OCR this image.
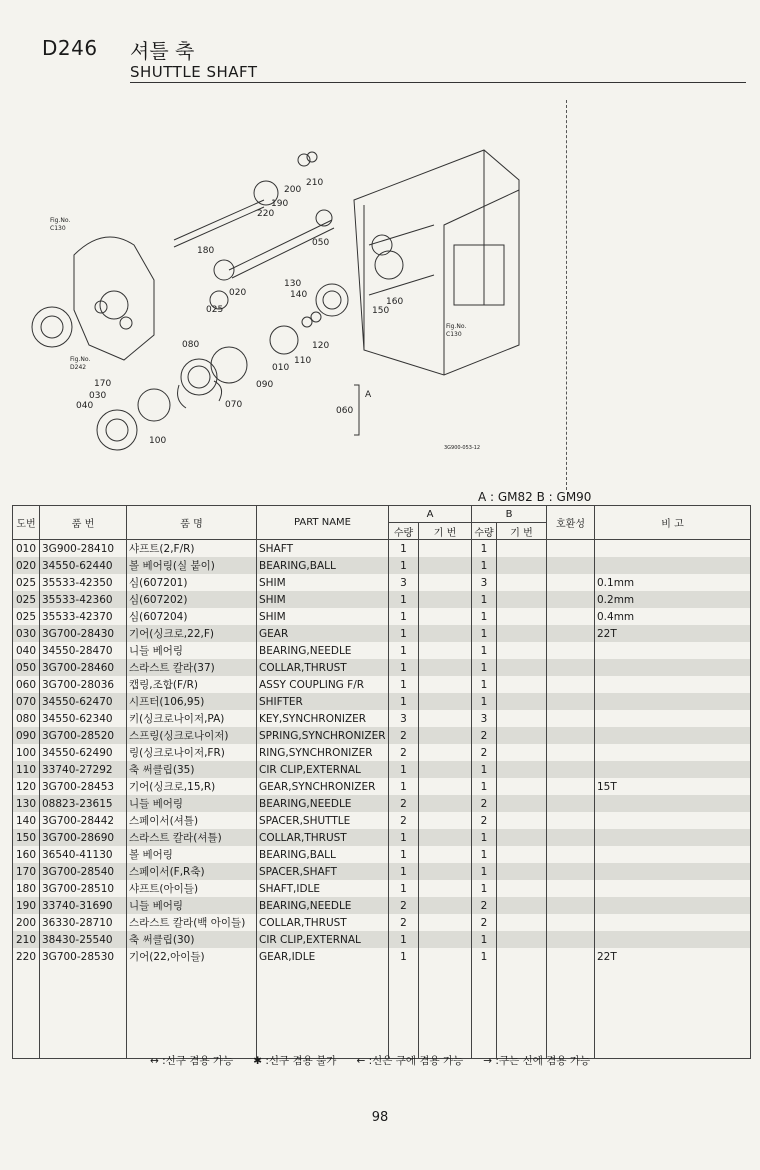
D246 셔틀 축
SHUTTLE SHAFT
010
020
025
030
040
050
060
070
080
090
100
110
120
130
140
150
160
170
180
190
200
210
220
Fig.No.
C130
Fig.No.
D242
Fig.No.
C130
A
3G900-053-12
A : GM82 B : GM90
도번	품 번	품 명	PART NAME	A		B		호환성	비 고
				수량	기 번	수량	기 번		
010	3G900-28410	샤프트(2,F/R)	SHAFT	1		1			
020	34550-62440	볼 베어링(실 붙이)	BEARING,BALL	1		1			
025	35533-42350	심(607201)	SHIM	3		3			0.1mm
025	35533-42360	심(607202)	SHIM	1		1			0.2mm
025	35533-42370	심(607204)	SHIM	1		1			0.4mm
030	3G700-28430	기어(싱크로,22,F)	GEAR	1		1			22T
040	34550-28470	니들 베어링	BEARING,NEEDLE	1		1			
050	3G700-28460	스라스트 칼라(37)	COLLAR,THRUST	1		1			
060	3G700-28036	캡링,조합(F/R)	ASSY COUPLING F/R	1		1			
070	34550-62470	시프터(106,95)	SHIFTER	1		1			
080	34550-62340	키(싱크로나이저,PA)	KEY,SYNCHRONIZER	3		3			
090	3G700-28520	스프링(싱크로나이저)	SPRING,SYNCHRONIZER	2		2			
100	34550-62490	링(싱크로나이저,FR)	RING,SYNCHRONIZER	2		2			
110	33740-27292	축 써클립(35)	CIR CLIP,EXTERNAL	1		1			
120	3G700-28453	기어(싱크로,15,R)	GEAR,SYNCHRONIZER	1		1			15T
130	08823-23615	니들 베어링	BEARING,NEEDLE	2		2			
140	3G700-28442	스페이서(셔틀)	SPACER,SHUTTLE	2		2			
150	3G700-28690	스라스트 칼라(셔틀)	COLLAR,THRUST	1		1			
160	36540-41130	볼 베어링	BEARING,BALL	1		1			
170	3G700-28540	스페이서(F,R축)	SPACER,SHAFT	1		1			
180	3G700-28510	샤프트(아이들)	SHAFT,IDLE	1		1			
190	33740-31690	니들 베어링	BEARING,NEEDLE	2		2			
200	36330-28710	스라스트 칼라(백 아이들)	COLLAR,THRUST	2		2			
210	38430-25540	축 써클립(30)	CIR CLIP,EXTERNAL	1		1			
220	3G700-28530	기어(22,아이들)	GEAR,IDLE	1		1			22T

↔ :신구 겸용 가능 ✱ :신구 겸용 불가 ← :신은 구에 겸용 가능 → :구는 신에 겸용 가능
98
